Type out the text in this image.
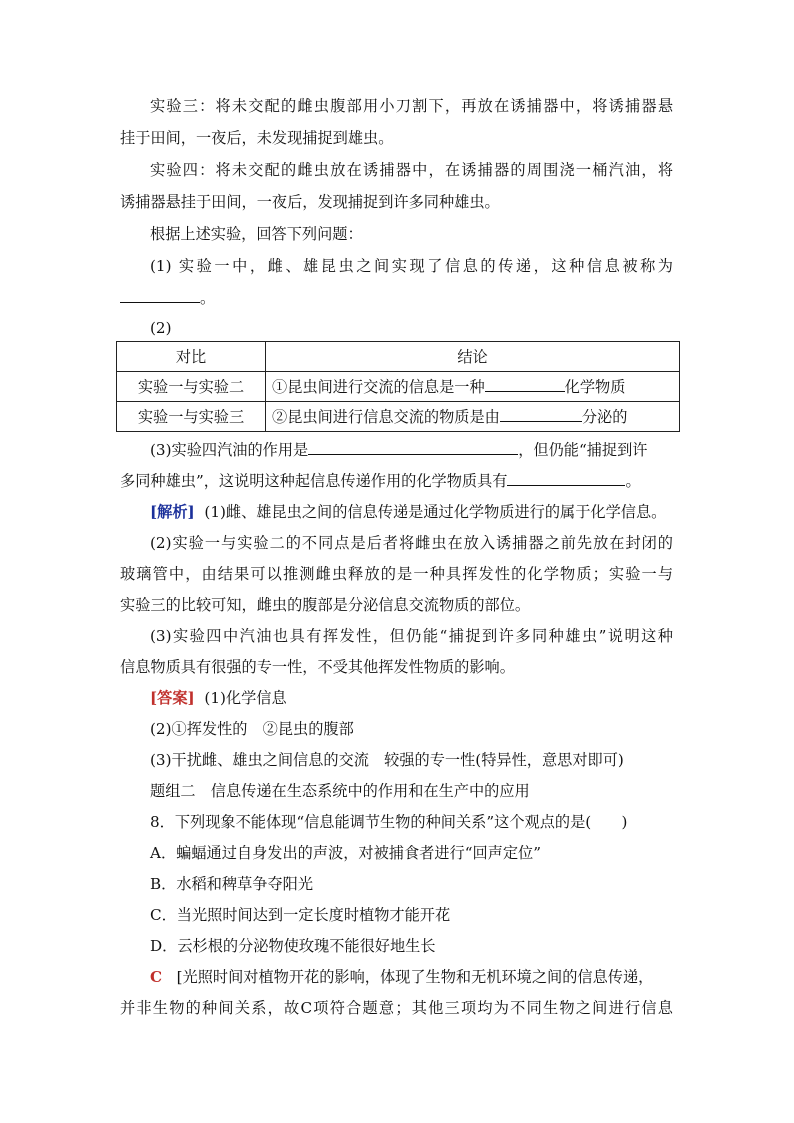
实验三：将未交配的雌虫腹部用小刀割下，再放在诱捕器中，将诱捕器悬
挂于田间，一夜后，未发现捕捉到雄虫。
实验四：将未交配的雌虫放在诱捕器中，在诱捕器的周围浇一桶汽油，将
诱捕器悬挂于田间，一夜后，发现捕捉到许多同种雄虫。
根据上述实验，回答下列问题：
(1) 实验一中，雌、雄昆虫之间实现了信息的传递，这种信息被称为
。
(2)
对比	结论
实验一与实验二	①昆虫间进行交流的信息是一种 化学物质
实验一与实验三	②昆虫间进行信息交流的物质是由 分泌的
(3)实验四汽油的作用是	，但仍能“捕捉到许
多同种雄虫”，这说明这种起信息传递作用的化学物质具有	。
[解析] (1)雌、雄昆虫之间的信息传递是通过化学物质进行的属于化学信息。
(2)实验一与实验二的不同点是后者将雌虫在放入诱捕器之前先放在封闭的
玻璃管中，由结果可以推测雌虫释放的是一种具挥发性的化学物质；实验一与
实验三的比较可知，雌虫的腹部是分泌信息交流物质的部位。
(3)实验四中汽油也具有挥发性，但仍能“捕捉到许多同种雄虫”说明这种
信息物质具有很强的专一性，不受其他挥发性物质的影响。
[答案] (1)化学信息
(2)①挥发性的　②昆虫的腹部
(3)干扰雌、雄虫之间信息的交流　较强的专一性(特异性，意思对即可)
题组二　信息传递在生态系统中的作用和在生产中的应用
8．下列现象不能体现“信息能调节生物的种间关系”这个观点的是(　　)
A．蝙蝠通过自身发出的声波，对被捕食者进行“回声定位”
B．水稻和稗草争夺阳光
C．当光照时间达到一定长度时植物才能开花
D．云杉根的分泌物使玫瑰不能很好地生长
C [光照时间对植物开花的影响，体现了生物和无机环境之间的信息传递，
并非生物的种间关系，故C项符合题意；其他三项均为不同生物之间进行信息
